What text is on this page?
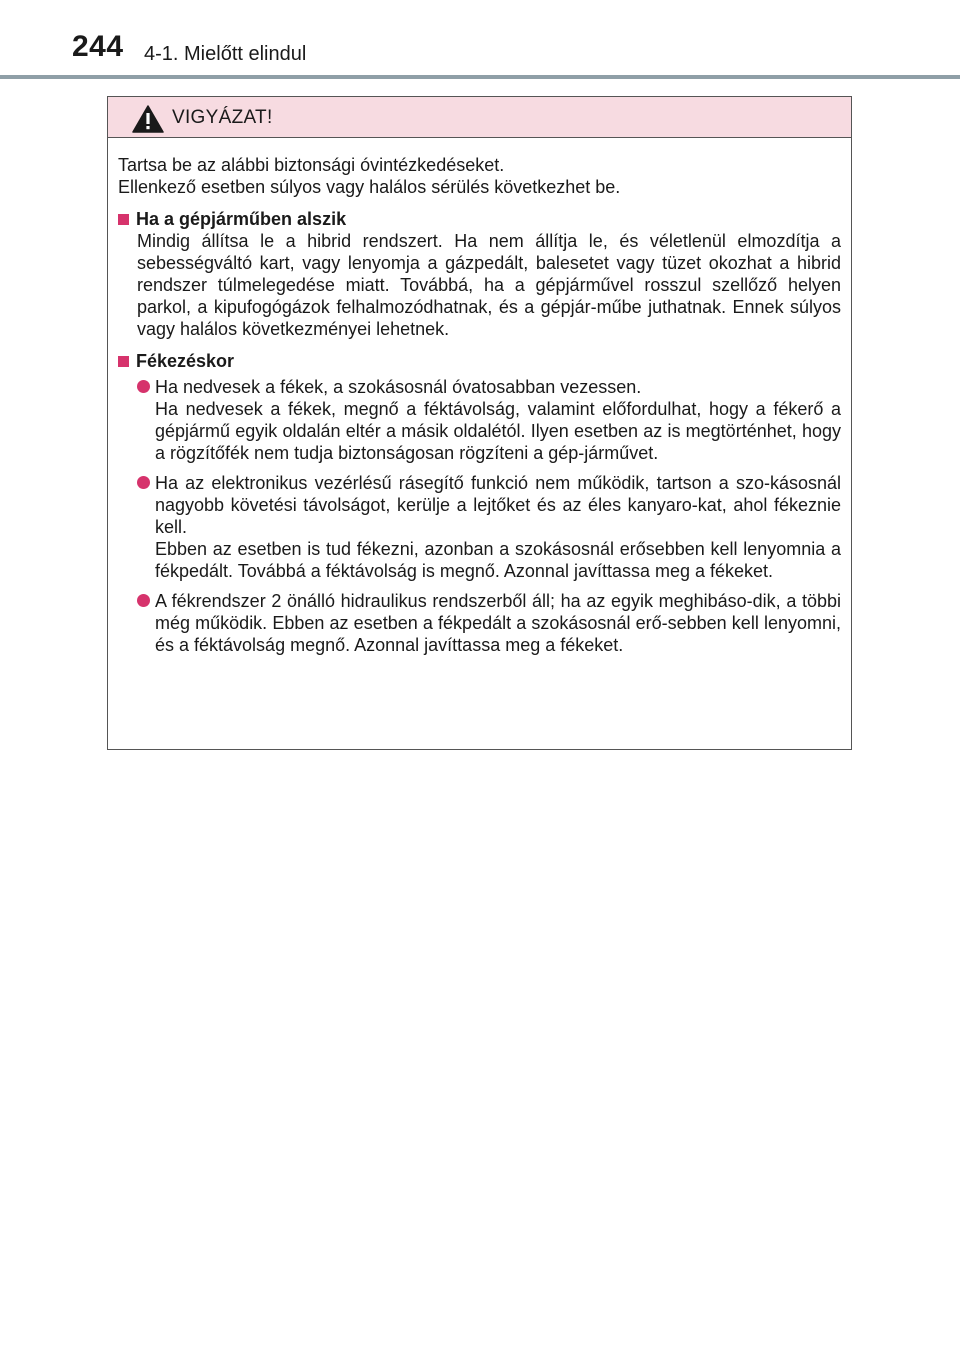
244 4-1. Mielőtt elindul
VIGYÁZAT!

Tartsa be az alábbi biztonsági óvintézkedéseket.

Ellenkező esetben súlyos vagy halálos sérülés következhet be.

Ha a gépjárműben alszik
Mindig állítsa le a hibrid rendszert. Ha nem állítja le, és véletlenül elmozdítja a sebességváltó kart, vagy lenyomja a gázpedált, balesetet vagy tüzet okozhat a hibrid rendszer túlmelegedése miatt. Továbbá, ha a gépjárművel rosszul szellőző helyen parkol, a kipufogógázok felhalmozódhatnak, és a gépjár-műbe juthatnak. Ennek súlyos vagy halálos következményei lehetnek.
Fékezéskor

Ha nedvesek a fékek, a szokásosnál óvatosabban vezessen.

Ha nedvesek a fékek, megnő a féktávolság, valamint előfordulhat, hogy a fékerő a gépjármű egyik oldalán eltér a másik oldalétól. Ilyen esetben az is megtörténhet, hogy a rögzítőfék nem tudja biztonságosan rögzíteni a gép-járművet.

Ha az elektronikus vezérlésű rásegítő funkció nem működik, tartson a szo-kásosnál nagyobb követési távolságot, kerülje a lejtőket és az éles kanyaro-kat, ahol fékeznie kell.

Ebben az esetben is tud fékezni, azonban a szokásosnál erősebben kell lenyomnia a fékpedált. Továbbá a féktávolság is megnő. Azonnal javíttassa meg a fékeket.

A fékrendszer 2 önálló hidraulikus rendszerből áll; ha az egyik meghibáso-dik, a többi még működik. Ebben az esetben a fékpedált a szokásosnál erő-sebben kell lenyomni, és a féktávolság megnő. Azonnal javíttassa meg a fékeket.
